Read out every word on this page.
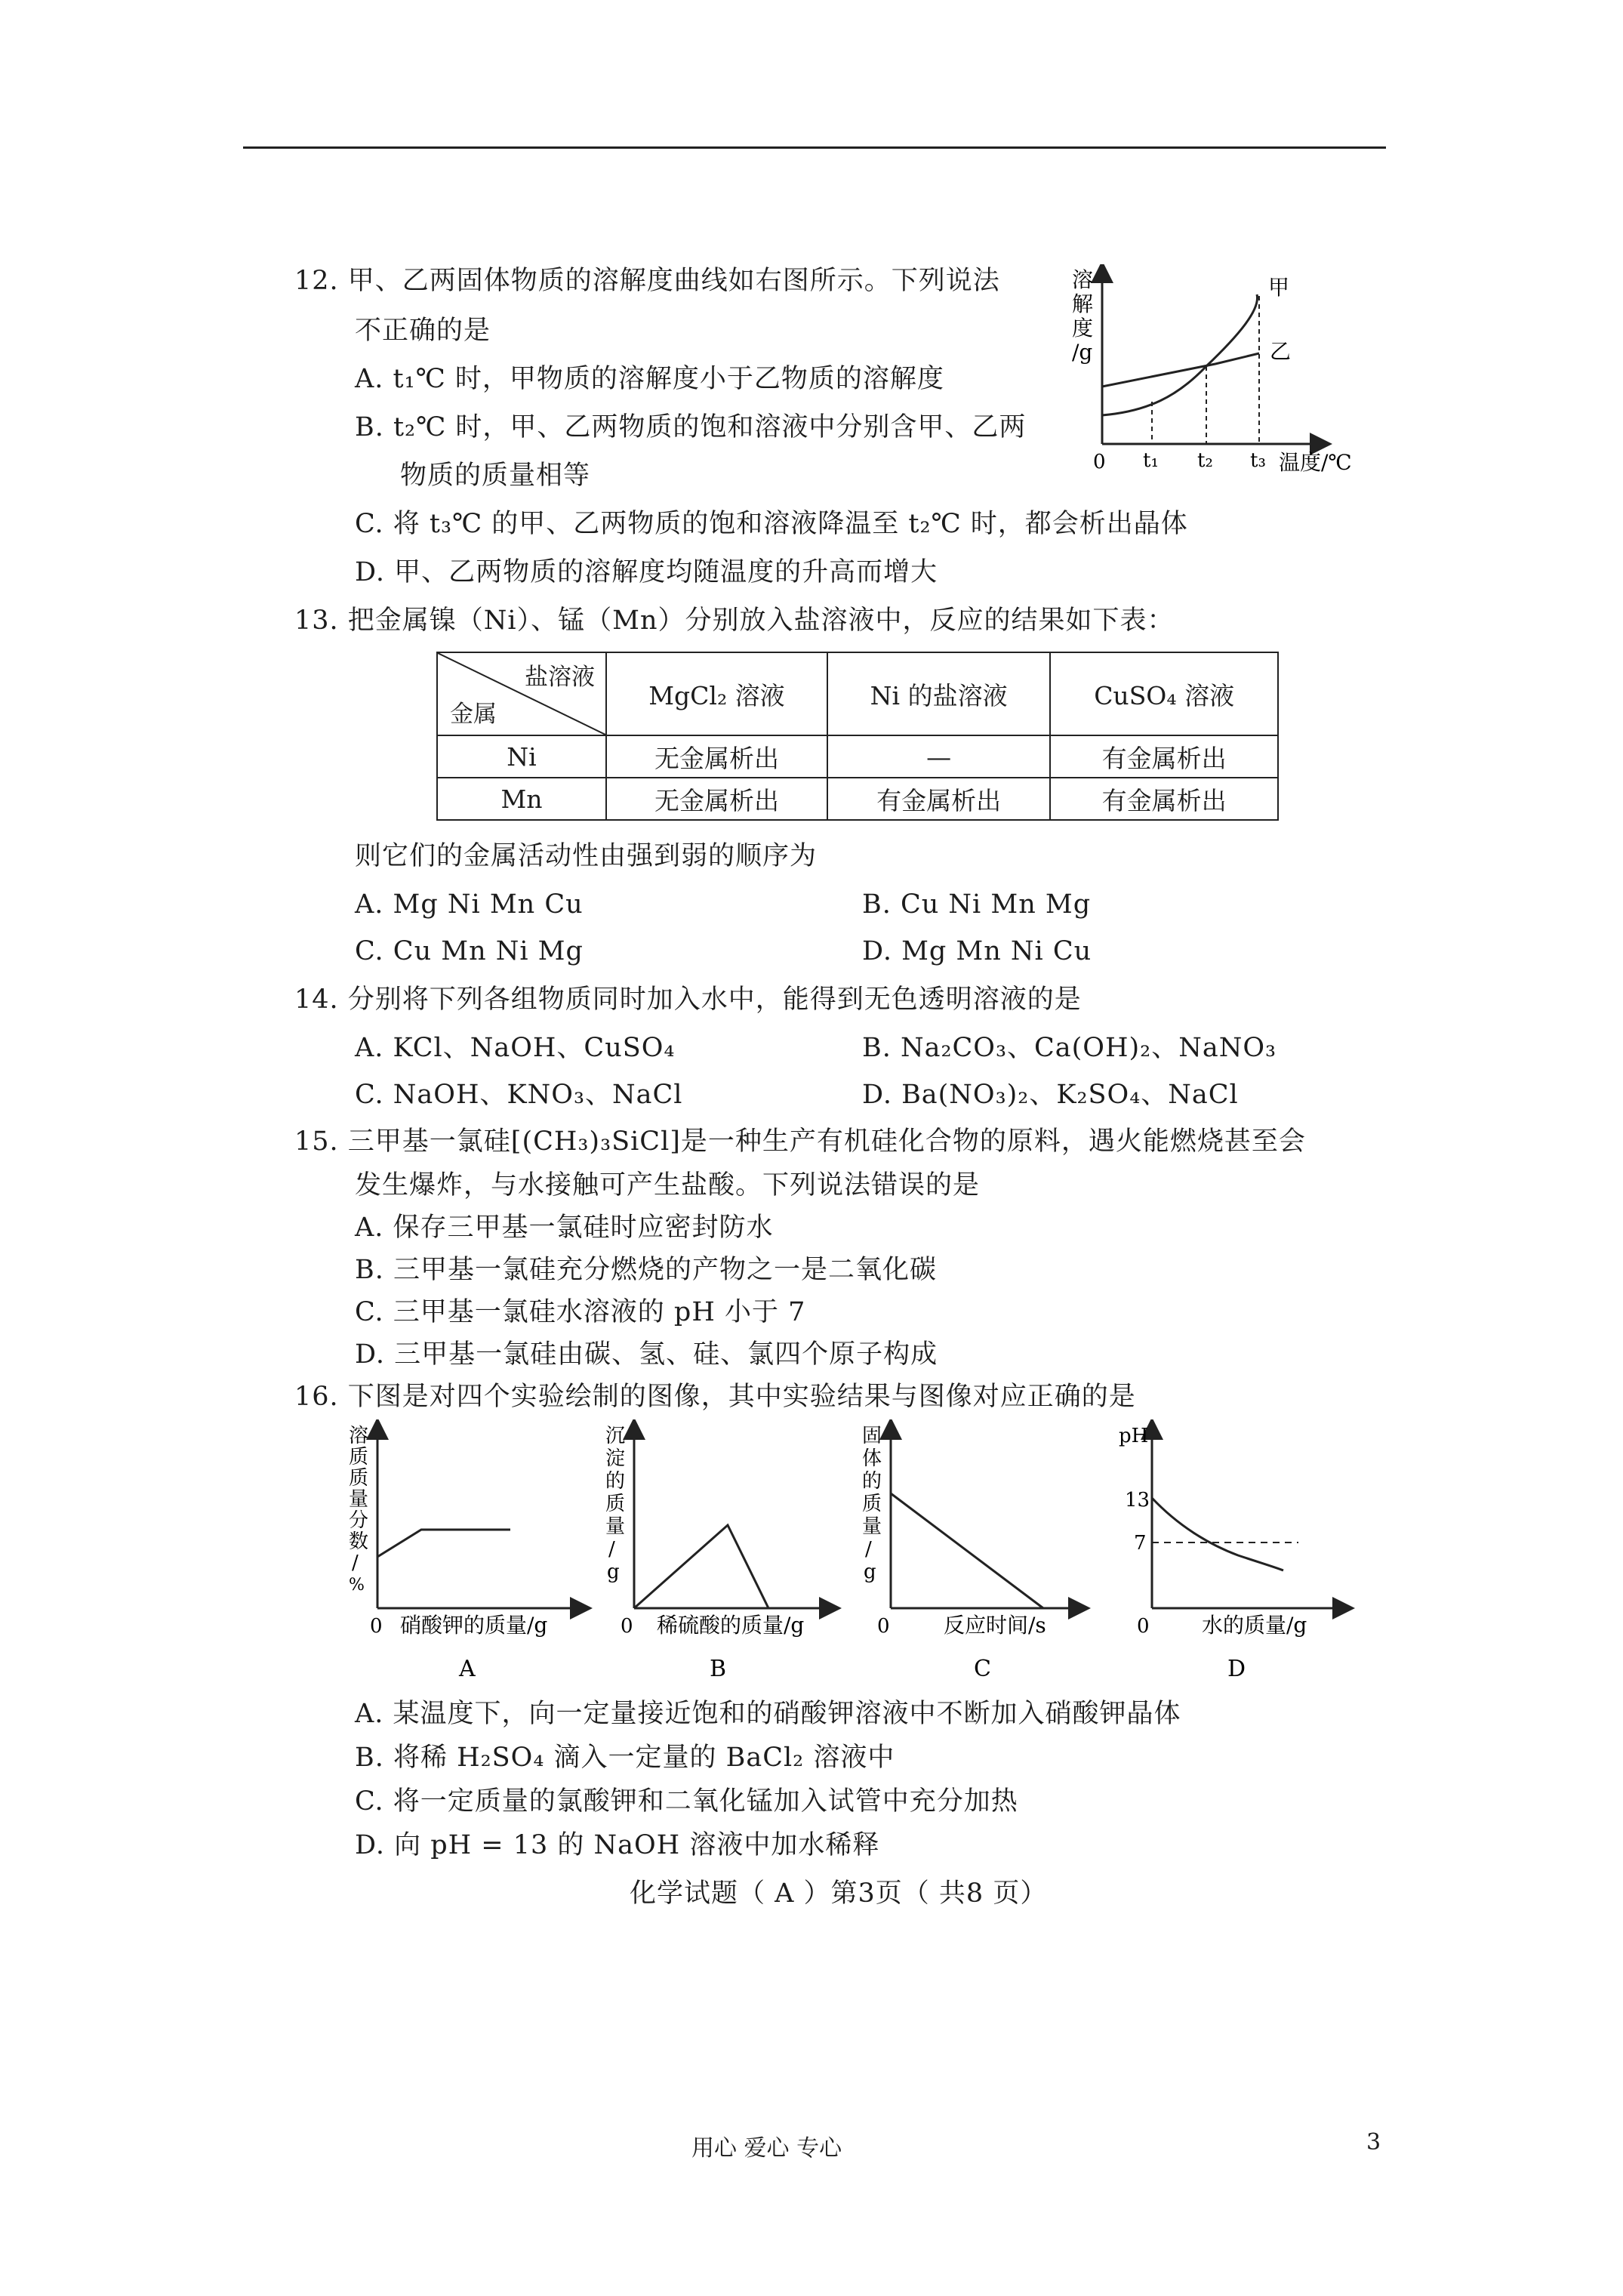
12. 甲、乙两固体物质的溶解度曲线如右图所示。下列说法
不正确的是
A. t₁℃ 时，甲物质的溶解度小于乙物质的溶解度
B. t₂℃ 时，甲、乙两物质的饱和溶液中分别含甲、乙两
物质的质量相等
C. 将 t₃℃ 的甲、乙两物质的饱和溶液降温至 t₂℃ 时，都会析出晶体
D. 甲、乙两物质的溶解度均随温度的升高而增大
溶
解
度
/g
0 t₁ t₂ t₃ 温度/℃
甲
乙
13. 把金属镍（Ni）、锰（Mn）分别放入盐溶液中，反应的结果如下表：
盐溶液
金属	MgCl₂ 溶液	Ni 的盐溶液	CuSO₄ 溶液
Ni	无金属析出	—	有金属析出
Mn	无金属析出	有金属析出	有金属析出
则它们的金属活动性由强到弱的顺序为
A. Mg Ni Mn Cu	B. Cu Ni Mn Mg
C. Cu Mn Ni Mg	D. Mg Mn Ni Cu
14. 分别将下列各组物质同时加入水中，能得到无色透明溶液的是
A. KCl、NaOH、CuSO₄	B. Na₂CO₃、Ca(OH)₂、NaNO₃
C. NaOH、KNO₃、NaCl	D. Ba(NO₃)₂、K₂SO₄、NaCl
15. 三甲基一氯硅[(CH₃)₃SiCl]是一种生产有机硅化合物的原料，遇火能燃烧甚至会
发生爆炸，与水接触可产生盐酸。下列说法错误的是
A. 保存三甲基一氯硅时应密封防水
B. 三甲基一氯硅充分燃烧的产物之一是二氧化碳
C. 三甲基一氯硅水溶液的 pH 小于 7
D. 三甲基一氯硅由碳、氢、硅、氯四个原子构成
16. 下图是对四个实验绘制的图像，其中实验结果与图像对应正确的是
溶
质
质
量
分
数
/
%
0 硝酸钾的质量/g
A
沉
淀
的
质
量
/
g
0 稀硫酸的质量/g
B
固
体
的
质
量
/
g
0	反应时间/s
C
pH
13
7
0 水的质量/g
D
A. 某温度下，向一定量接近饱和的硝酸钾溶液中不断加入硝酸钾晶体
B. 将稀 H₂SO₄ 滴入一定量的 BaCl₂ 溶液中
C. 将一定质量的氯酸钾和二氧化锰加入试管中充分加热
D. 向 pH = 13 的 NaOH 溶液中加水稀释
化学试题（ A ）第3页（ 共8 页）
用心 爱心 专心	3
